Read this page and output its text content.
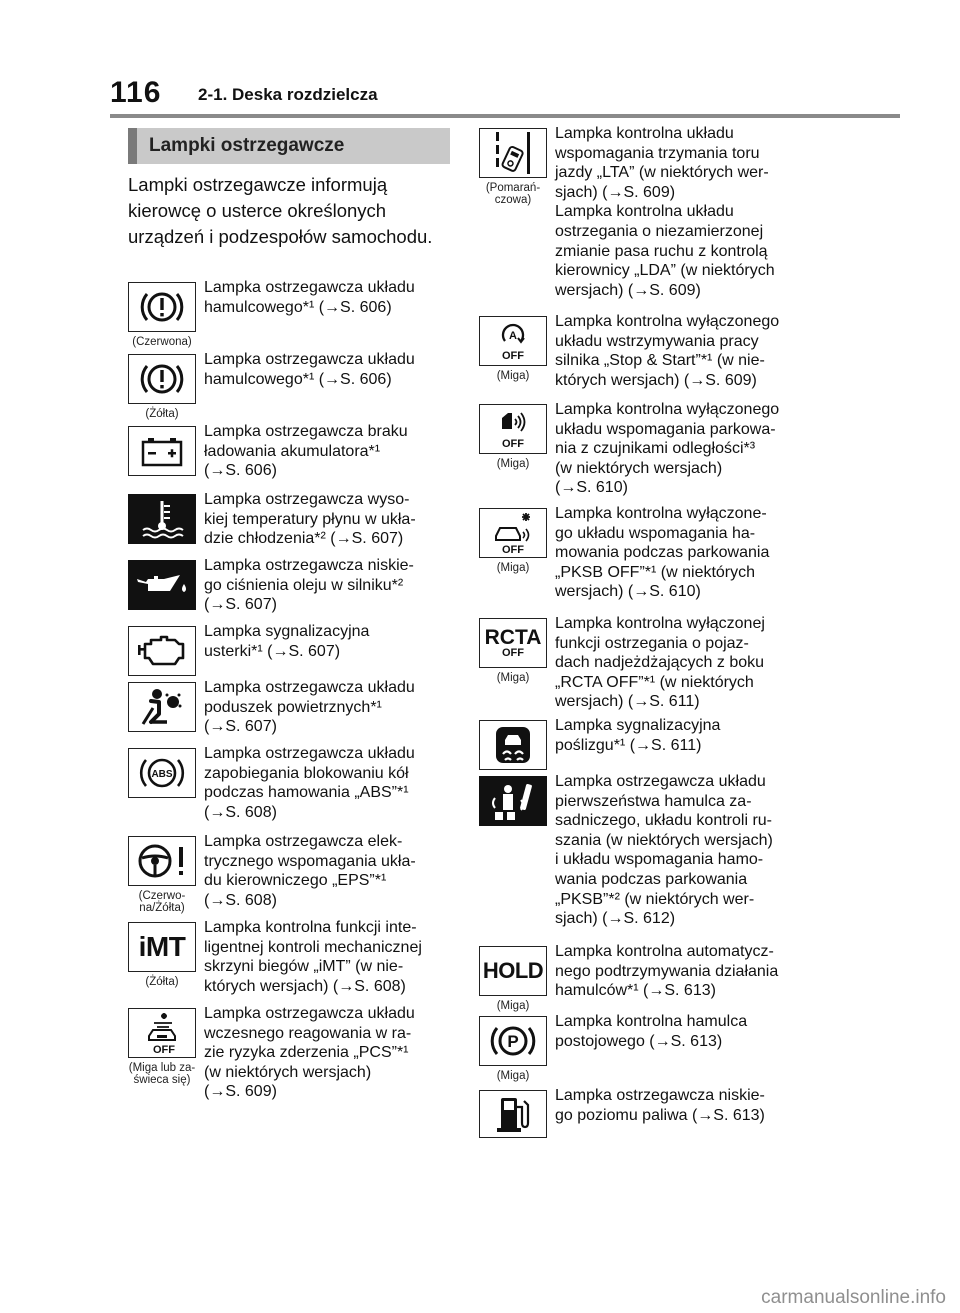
116 2-1. Deska rozdzielcza
Lampki ostrzegawcze
Lampki ostrzegawcze informują kierowcę o usterce określonych urządzeń i podzespołów samochodu.
(Czerwona)
Lampka ostrzegawcza układu
hamulcowego*¹ (→S. 606)
(Żółta)
Lampka ostrzegawcza układu
hamulcowego*¹ (→S. 606)
Lampka ostrzegawcza braku
ładowania akumulatora*¹
(→S. 606)
Lampka ostrzegawcza wyso-
kiej temperatury płynu w ukła-
dzie chłodzenia*² (→S. 607)
Lampka ostrzegawcza niskie-
go ciśnienia oleju w silniku*²
(→S. 607)
Lampka sygnalizacyjna
usterki*¹ (→S. 607)
Lampka ostrzegawcza układu
poduszek powietrznych*¹
(→S. 607)
ABS
Lampka ostrzegawcza układu
zapobiegania blokowaniu kół
podczas hamowania „ABS”*¹
(→S. 608)
(Czerwo-
na/Żółta)
Lampka ostrzegawcza elek-
trycznego wspomagania ukła-
du kierowniczego „EPS”*¹
(→S. 608)
iMT
(Żółta)
Lampka kontrolna funkcji inte-
ligentnej kontroli mechanicznej
skrzyni biegów „iMT” (w nie-
których wersjach) (→S. 608)
OFF
(Miga lub za-
świeca się)
Lampka ostrzegawcza układu
wczesnego reagowania w ra-
zie ryzyka zderzenia „PCS”*¹
(w niektórych wersjach)
(→S. 609)
(Pomarań-
czowa)
Lampka kontrolna układu
wspomagania trzymania toru
jazdy „LTA” (w niektórych wer-
sjach) (→S. 609)
Lampka kontrolna układu
ostrzegania o niezamierzonej
zmianie pasa ruchu z kontrolą
kierownicy „LDA” (w niektórych
wersjach) (→S. 609)
A
OFF
(Miga)
Lampka kontrolna wyłączonego
układu wstrzymywania pracy
silnika „Stop & Start”*¹ (w nie-
których wersjach) (→S. 609)
OFF
(Miga)
Lampka kontrolna wyłączonego
układu wspomagania parkowa-
nia z czujnikami odległości*³
(w niektórych wersjach)
(→S. 610)
OFF
(Miga)
Lampka kontrolna wyłączone-
go układu wspomagania ha-
mowania podczas parkowania
„PKSB OFF”*¹ (w niektórych
wersjach) (→S. 610)
RCTA
OFF
(Miga)
Lampka kontrolna wyłączonej
funkcji ostrzegania o pojaz-
dach nadjeżdżających z boku
„RCTA OFF”*¹ (w niektórych
wersjach) (→S. 611)
Lampka sygnalizacyjna
poślizgu*¹ (→S. 611)
Lampka ostrzegawcza układu
pierwszeństwa hamulca za-
sadniczego, układu kontroli ru-
szania (w niektórych wersjach)
i układu wspomagania hamo-
wania podczas parkowania
„PKSB”*² (w niektórych wer-
sjach) (→S. 612)
HOLD
(Miga)
Lampka kontrolna automatycz-
nego podtrzymywania działania
hamulców*¹ (→S. 613)
P
(Miga)
Lampka kontrolna hamulca
postojowego (→S. 613)
Lampka ostrzegawcza niskie-
go poziomu paliwa (→S. 613)
carmanualsonline.info
